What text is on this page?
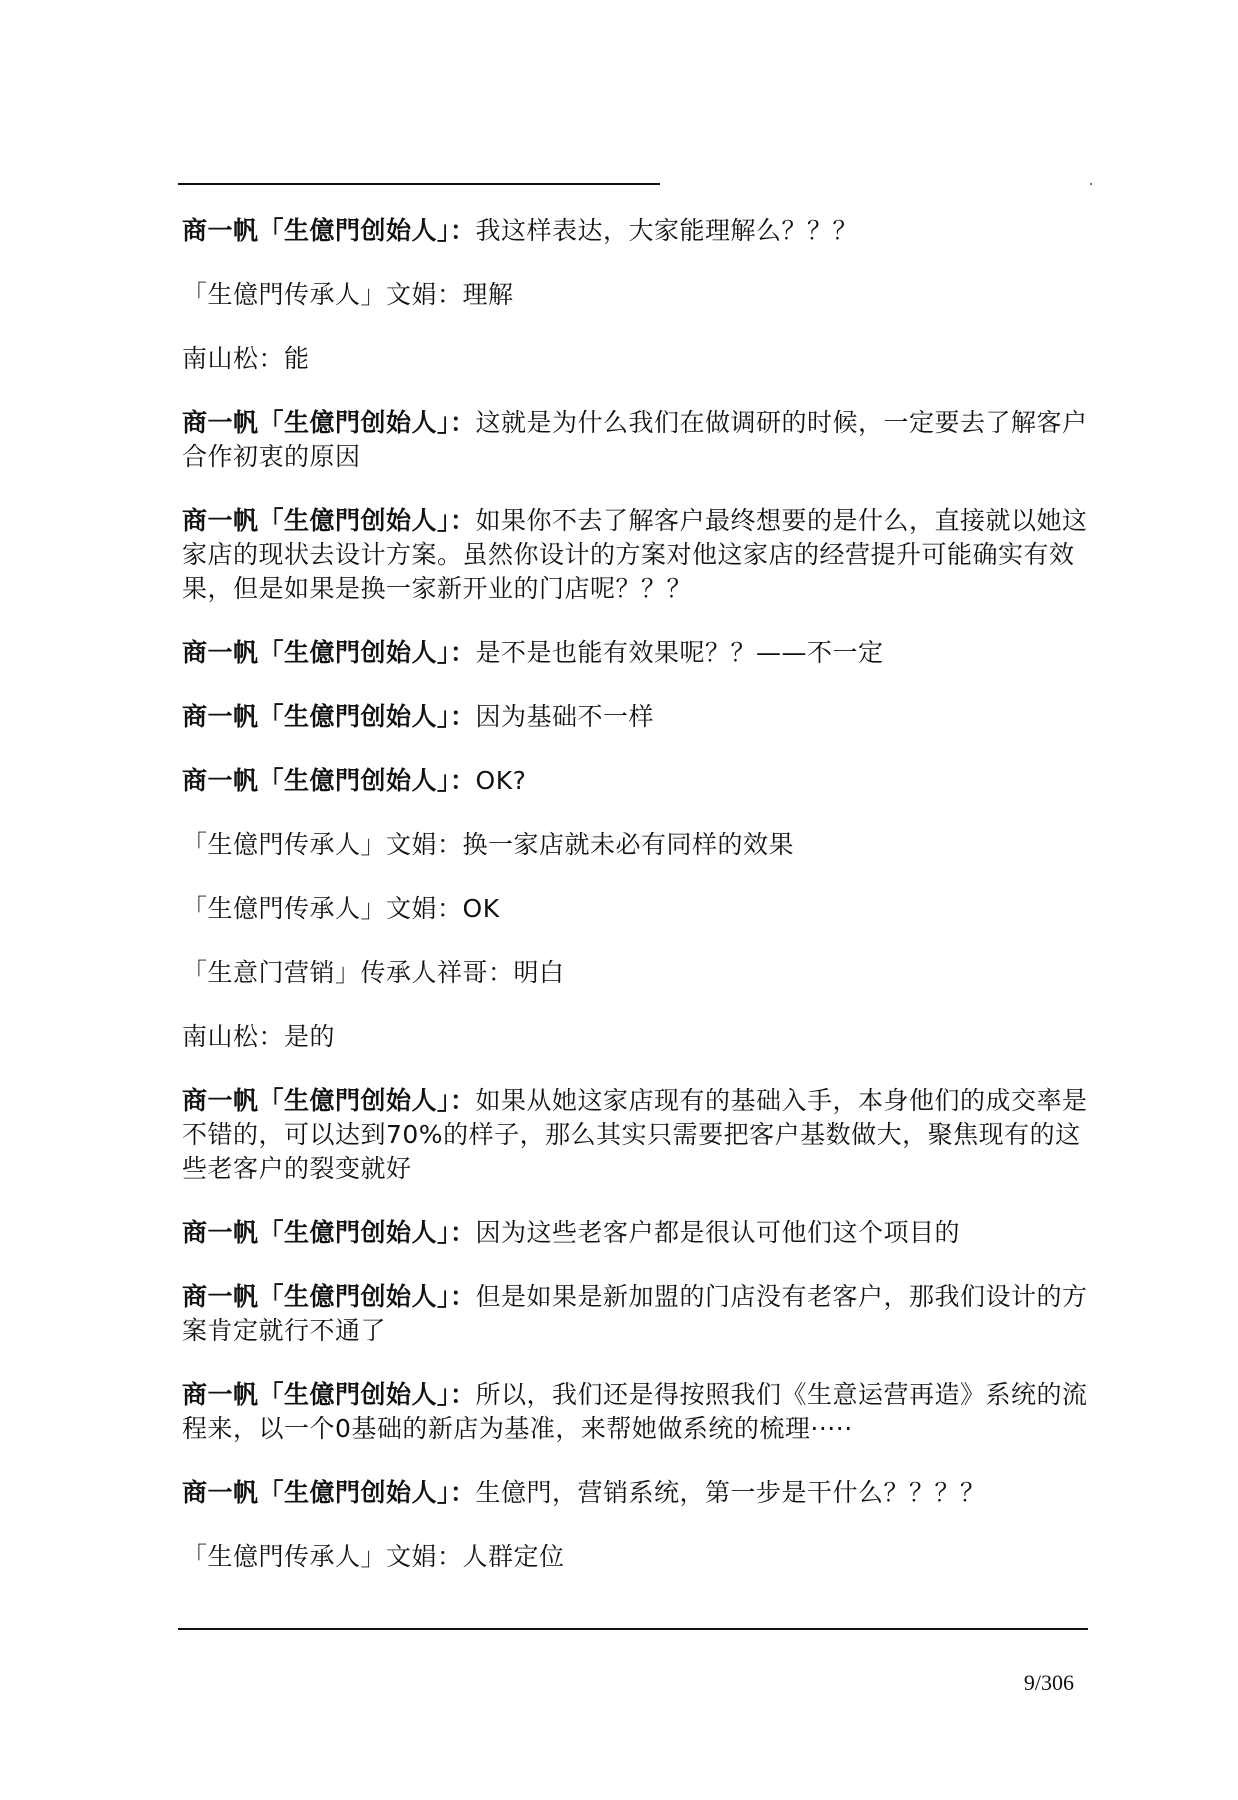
商一帆「生億門创始人」：我这样表达，大家能理解么？？？

「生億門传承人」文娟：理解

南山松：能

商一帆「生億門创始人」：这就是为什么我们在做调研的时候，一定要去了解客户合作初衷的原因

商一帆「生億門创始人」：如果你不去了解客户最终想要的是什么，直接就以她这家店的现状去设计方案。虽然你设计的方案对他这家店的经营提升可能确实有效果，但是如果是换一家新开业的门店呢？？？

商一帆「生億門创始人」：是不是也能有效果呢？？——不一定

商一帆「生億門创始人」：因为基础不一样

商一帆「生億門创始人」：OK?

「生億門传承人」文娟：换一家店就未必有同样的效果

「生億門传承人」文娟：OK

「生意门营销」传承人祥哥：明白

南山松：是的

商一帆「生億門创始人」：如果从她这家店现有的基础入手，本身他们的成交率是不错的，可以达到70%的样子，那么其实只需要把客户基数做大，聚焦现有的这些老客户的裂变就好

商一帆「生億門创始人」：因为这些老客户都是很认可他们这个项目的

商一帆「生億門创始人」：但是如果是新加盟的门店没有老客户，那我们设计的方案肯定就行不通了

商一帆「生億門创始人」：所以，我们还是得按照我们《生意运营再造》系统的流程来，以一个0基础的新店为基准，来帮她做系统的梳理·····

商一帆「生億門创始人」：生億門，营销系统，第一步是干什么？？？？

「生億門传承人」文娟：人群定位

9/306
